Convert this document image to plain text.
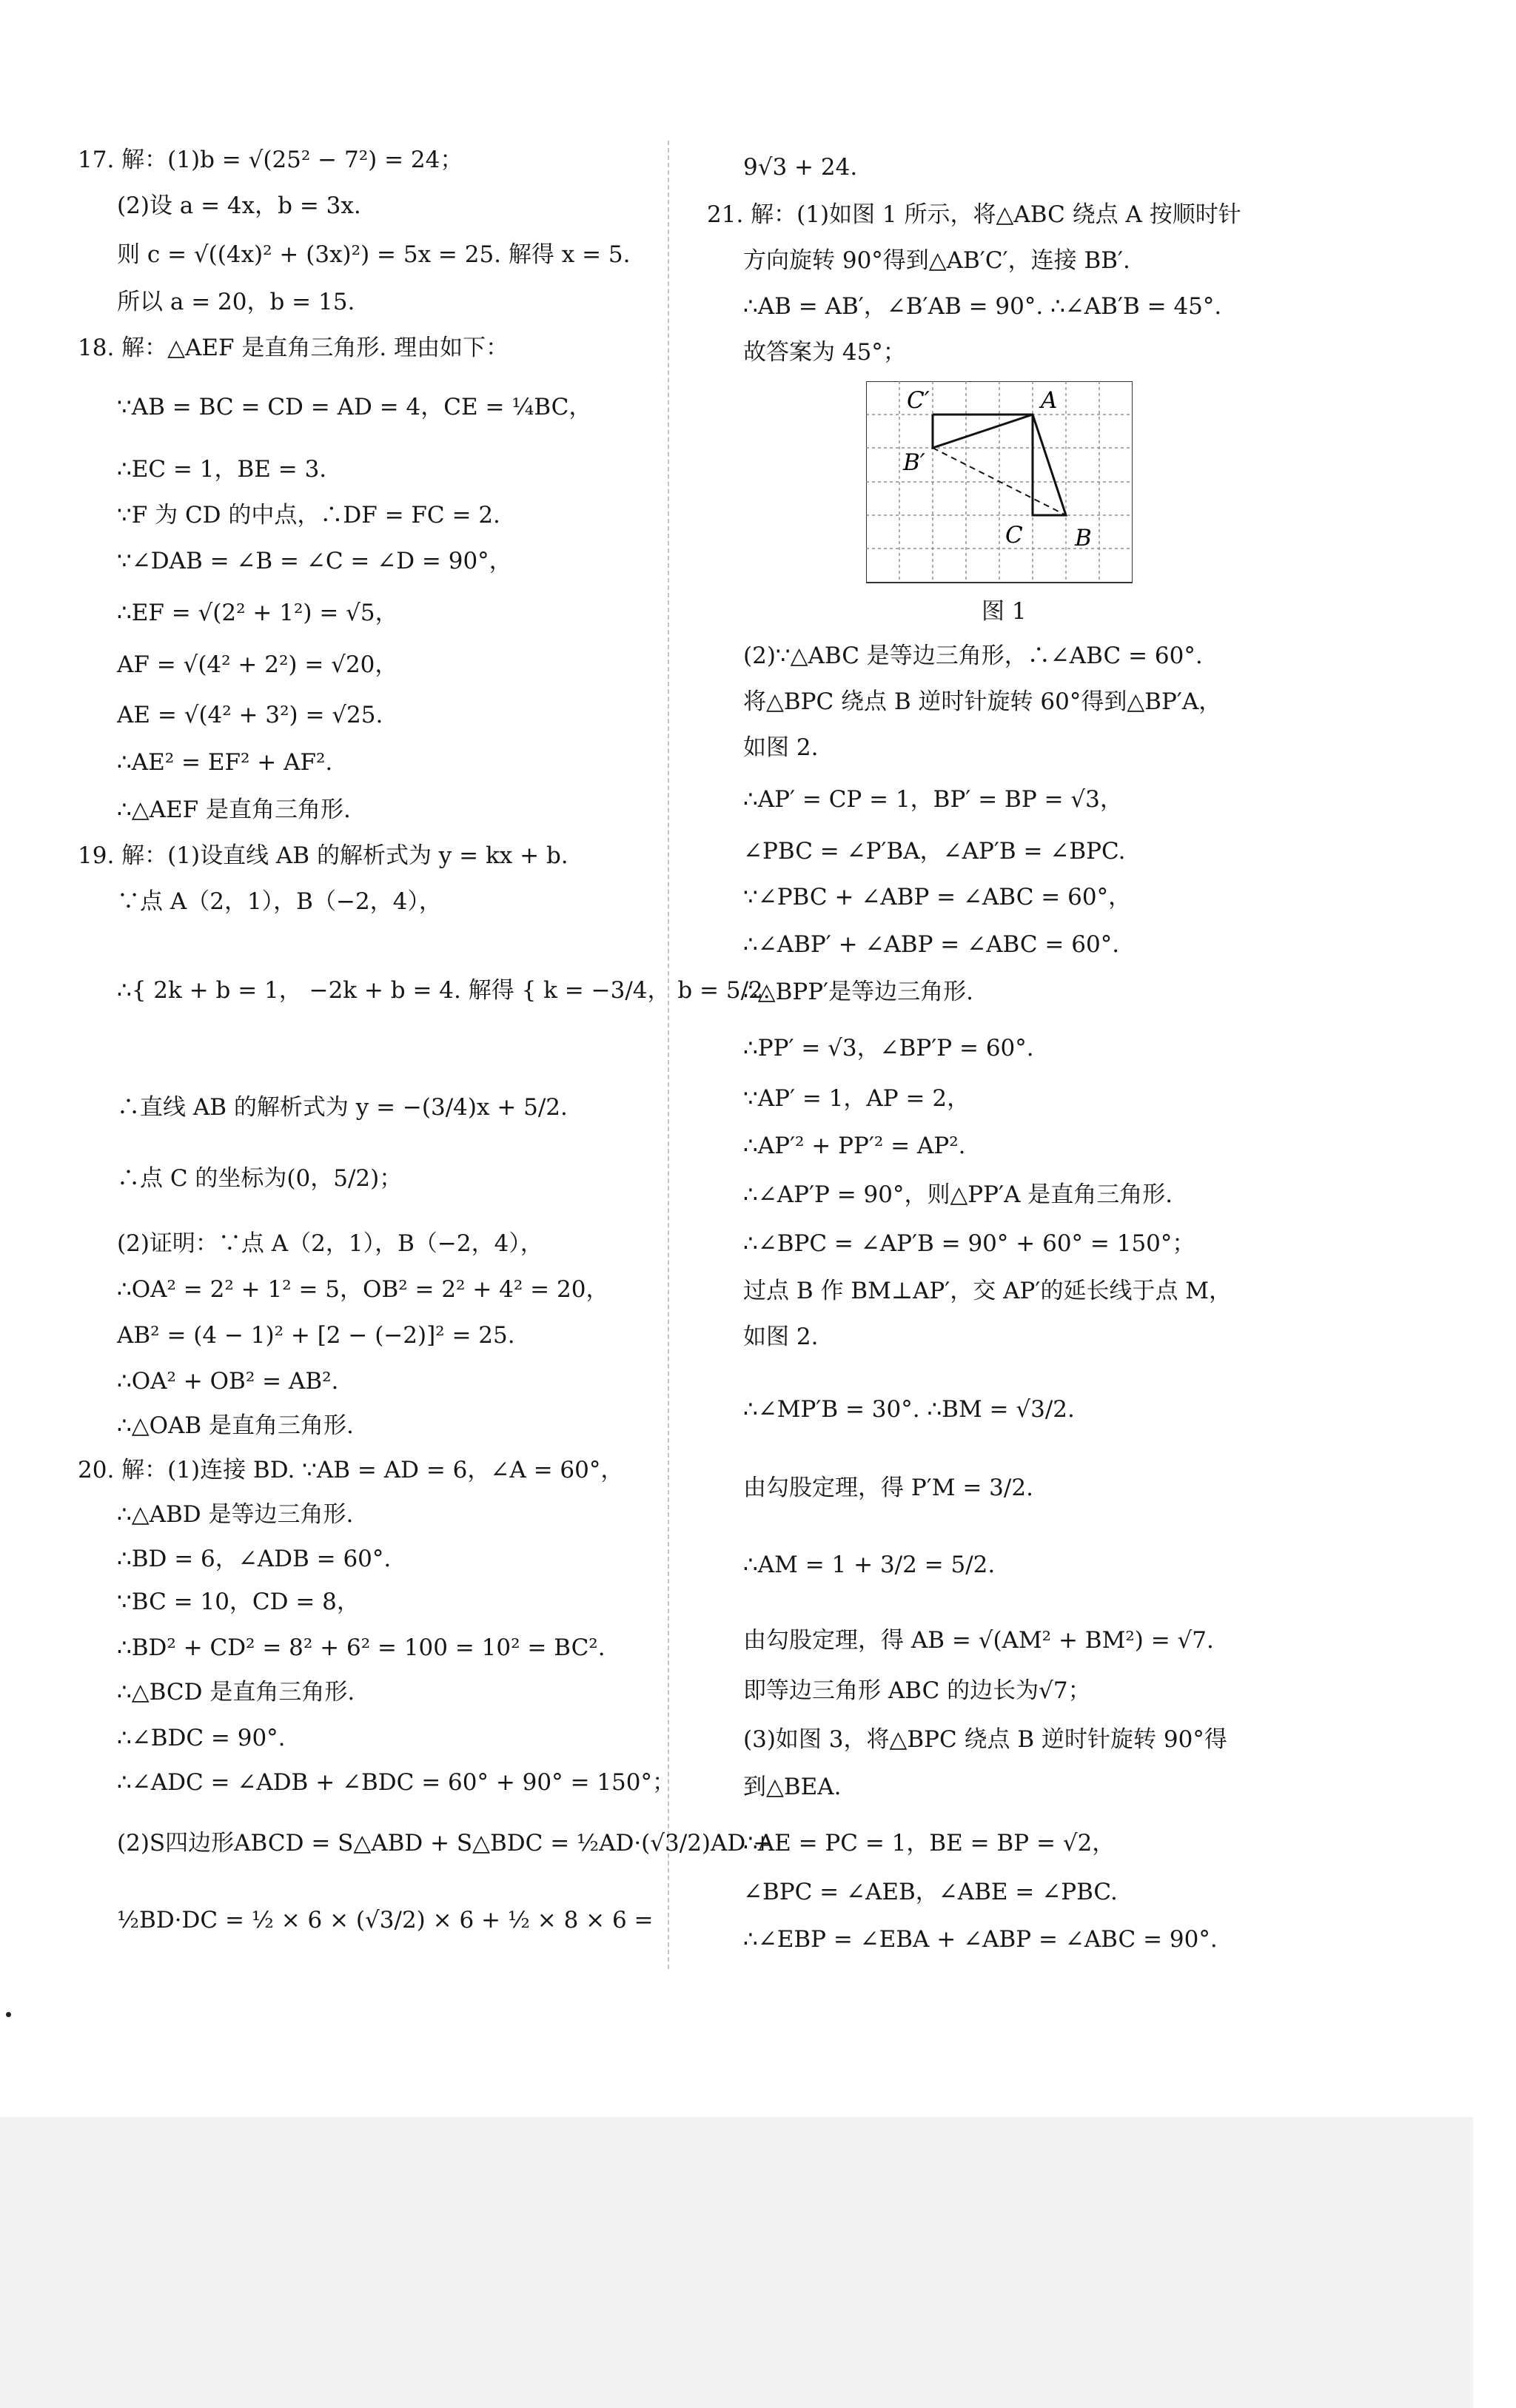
17. 解：(1)b = √(25² − 7²) = 24；
(2)设 a = 4x，b = 3x.
则 c = √((4x)² + (3x)²) = 5x = 25. 解得 x = 5.
所以 a = 20，b = 15.
18. 解：△AEF 是直角三角形. 理由如下：
∵AB = BC = CD = AD = 4，CE = ¼BC，
∴EC = 1，BE = 3.
∵F 为 CD 的中点，∴DF = FC = 2.
∵∠DAB = ∠B = ∠C = ∠D = 90°，
∴EF = √(2² + 1²) = √5，
AF = √(4² + 2²) = √20，
AE = √(4² + 3²) = √25.
∴AE² = EF² + AF².
∴△AEF 是直角三角形.
19. 解：(1)设直线 AB 的解析式为 y = kx + b.
∵点 A（2，1），B（−2，4），
∴{ 2k + b = 1， −2k + b = 4. 解得 { k = −3/4， b = 5/2.
∴直线 AB 的解析式为 y = −(3/4)x + 5/2.
∴点 C 的坐标为(0，5/2)；
(2)证明：∵点 A（2，1），B（−2，4），
∴OA² = 2² + 1² = 5，OB² = 2² + 4² = 20，
AB² = (4 − 1)² + [2 − (−2)]² = 25.
∴OA² + OB² = AB².
∴△OAB 是直角三角形.
20. 解：(1)连接 BD. ∵AB = AD = 6，∠A = 60°，
∴△ABD 是等边三角形.
∴BD = 6，∠ADB = 60°.
∵BC = 10，CD = 8，
∴BD² + CD² = 8² + 6² = 100 = 10² = BC².
∴△BCD 是直角三角形.
∴∠BDC = 90°.
∴∠ADC = ∠ADB + ∠BDC = 60° + 90° = 150°；
(2)S四边形ABCD = S△ABD + S△BDC = ½AD·(√3/2)AD +
½BD·DC = ½ × 6 × (√3/2) × 6 + ½ × 8 × 6 =
9√3 + 24.
21. 解：(1)如图 1 所示，将△ABC 绕点 A 按顺时针
方向旋转 90°得到△AB′C′，连接 BB′.
∴AB = AB′，∠B′AB = 90°. ∴∠AB′B = 45°.
故答案为 45°；
C′	A
B′
C B
图 1
(2)∵△ABC 是等边三角形，∴∠ABC = 60°.
将△BPC 绕点 B 逆时针旋转 60°得到△BP′A，
如图 2.
∴AP′ = CP = 1，BP′ = BP = √3，
∠PBC = ∠P′BA，∠AP′B = ∠BPC.
∵∠PBC + ∠ABP = ∠ABC = 60°，
∴∠ABP′ + ∠ABP = ∠ABC = 60°.
∴△BPP′是等边三角形.
∴PP′ = √3，∠BP′P = 60°.
∵AP′ = 1，AP = 2，
∴AP′² + PP′² = AP².
∴∠AP′P = 90°，则△PP′A 是直角三角形.
∴∠BPC = ∠AP′B = 90° + 60° = 150°；
过点 B 作 BM⊥AP′，交 AP′的延长线于点 M，
如图 2.
∴∠MP′B = 30°. ∴BM = √3/2.
由勾股定理，得 P′M = 3/2.
∴AM = 1 + 3/2 = 5/2.
由勾股定理，得 AB = √(AM² + BM²) = √7.
即等边三角形 ABC 的边长为√7；
(3)如图 3，将△BPC 绕点 B 逆时针旋转 90°得
到△BEA.
∴AE = PC = 1，BE = BP = √2，
∠BPC = ∠AEB，∠ABE = ∠PBC.
∴∠EBP = ∠EBA + ∠ABP = ∠ABC = 90°.
